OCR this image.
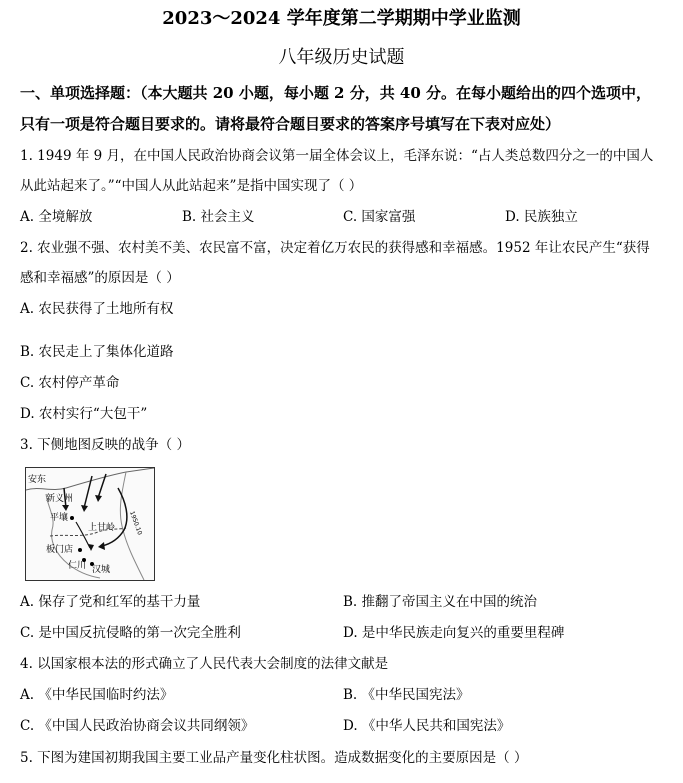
2023～2024 学年度第二学期期中学业监测
八年级历史试题
一、单项选择题：（本大题共 20 小题，每小题 2 分，共 40 分。在每小题给出的四个选项中，
只有一项是符合题目要求的。请将最符合题目要求的答案序号填写在下表对应处）
1. 1949 年 9 月，在中国人民政治协商会议第一届全体会议上，毛泽东说：“占人类总数四分之一的中国人
从此站起来了。”“中国人从此站起来”是指中国实现了（ ）
A. 全境解放	B. 社会主义	C. 国家富强	D. 民族独立
2. 农业强不强、农村美不美、农民富不富，决定着亿万农民的获得感和幸福感。1952 年让农民产生“获得
感和幸福感”的原因是（ ）
A. 农民获得了土地所有权
B. 农民走上了集体化道路
C. 农村停产革命
D. 农村实行“大包干”
3. 下侧地图反映的战争（ ）
安东
新义州
平壤
上甘岭
板门店
仁川 汉城
1950.10
A. 保存了党和红军的基干力量	B. 推翻了帝国主义在中国的统治
C. 是中国反抗侵略的第一次完全胜利	D. 是中华民族走向复兴的重要里程碑
4. 以国家根本法的形式确立了人民代表大会制度的法律文献是
A. 《中华民国临时约法》	B. 《中华民国宪法》
C. 《中国人民政治协商会议共同纲领》	D. 《中华人民共和国宪法》
5. 下图为建国初期我国主要工业品产量变化柱状图。造成数据变化的主要原因是（ ）
